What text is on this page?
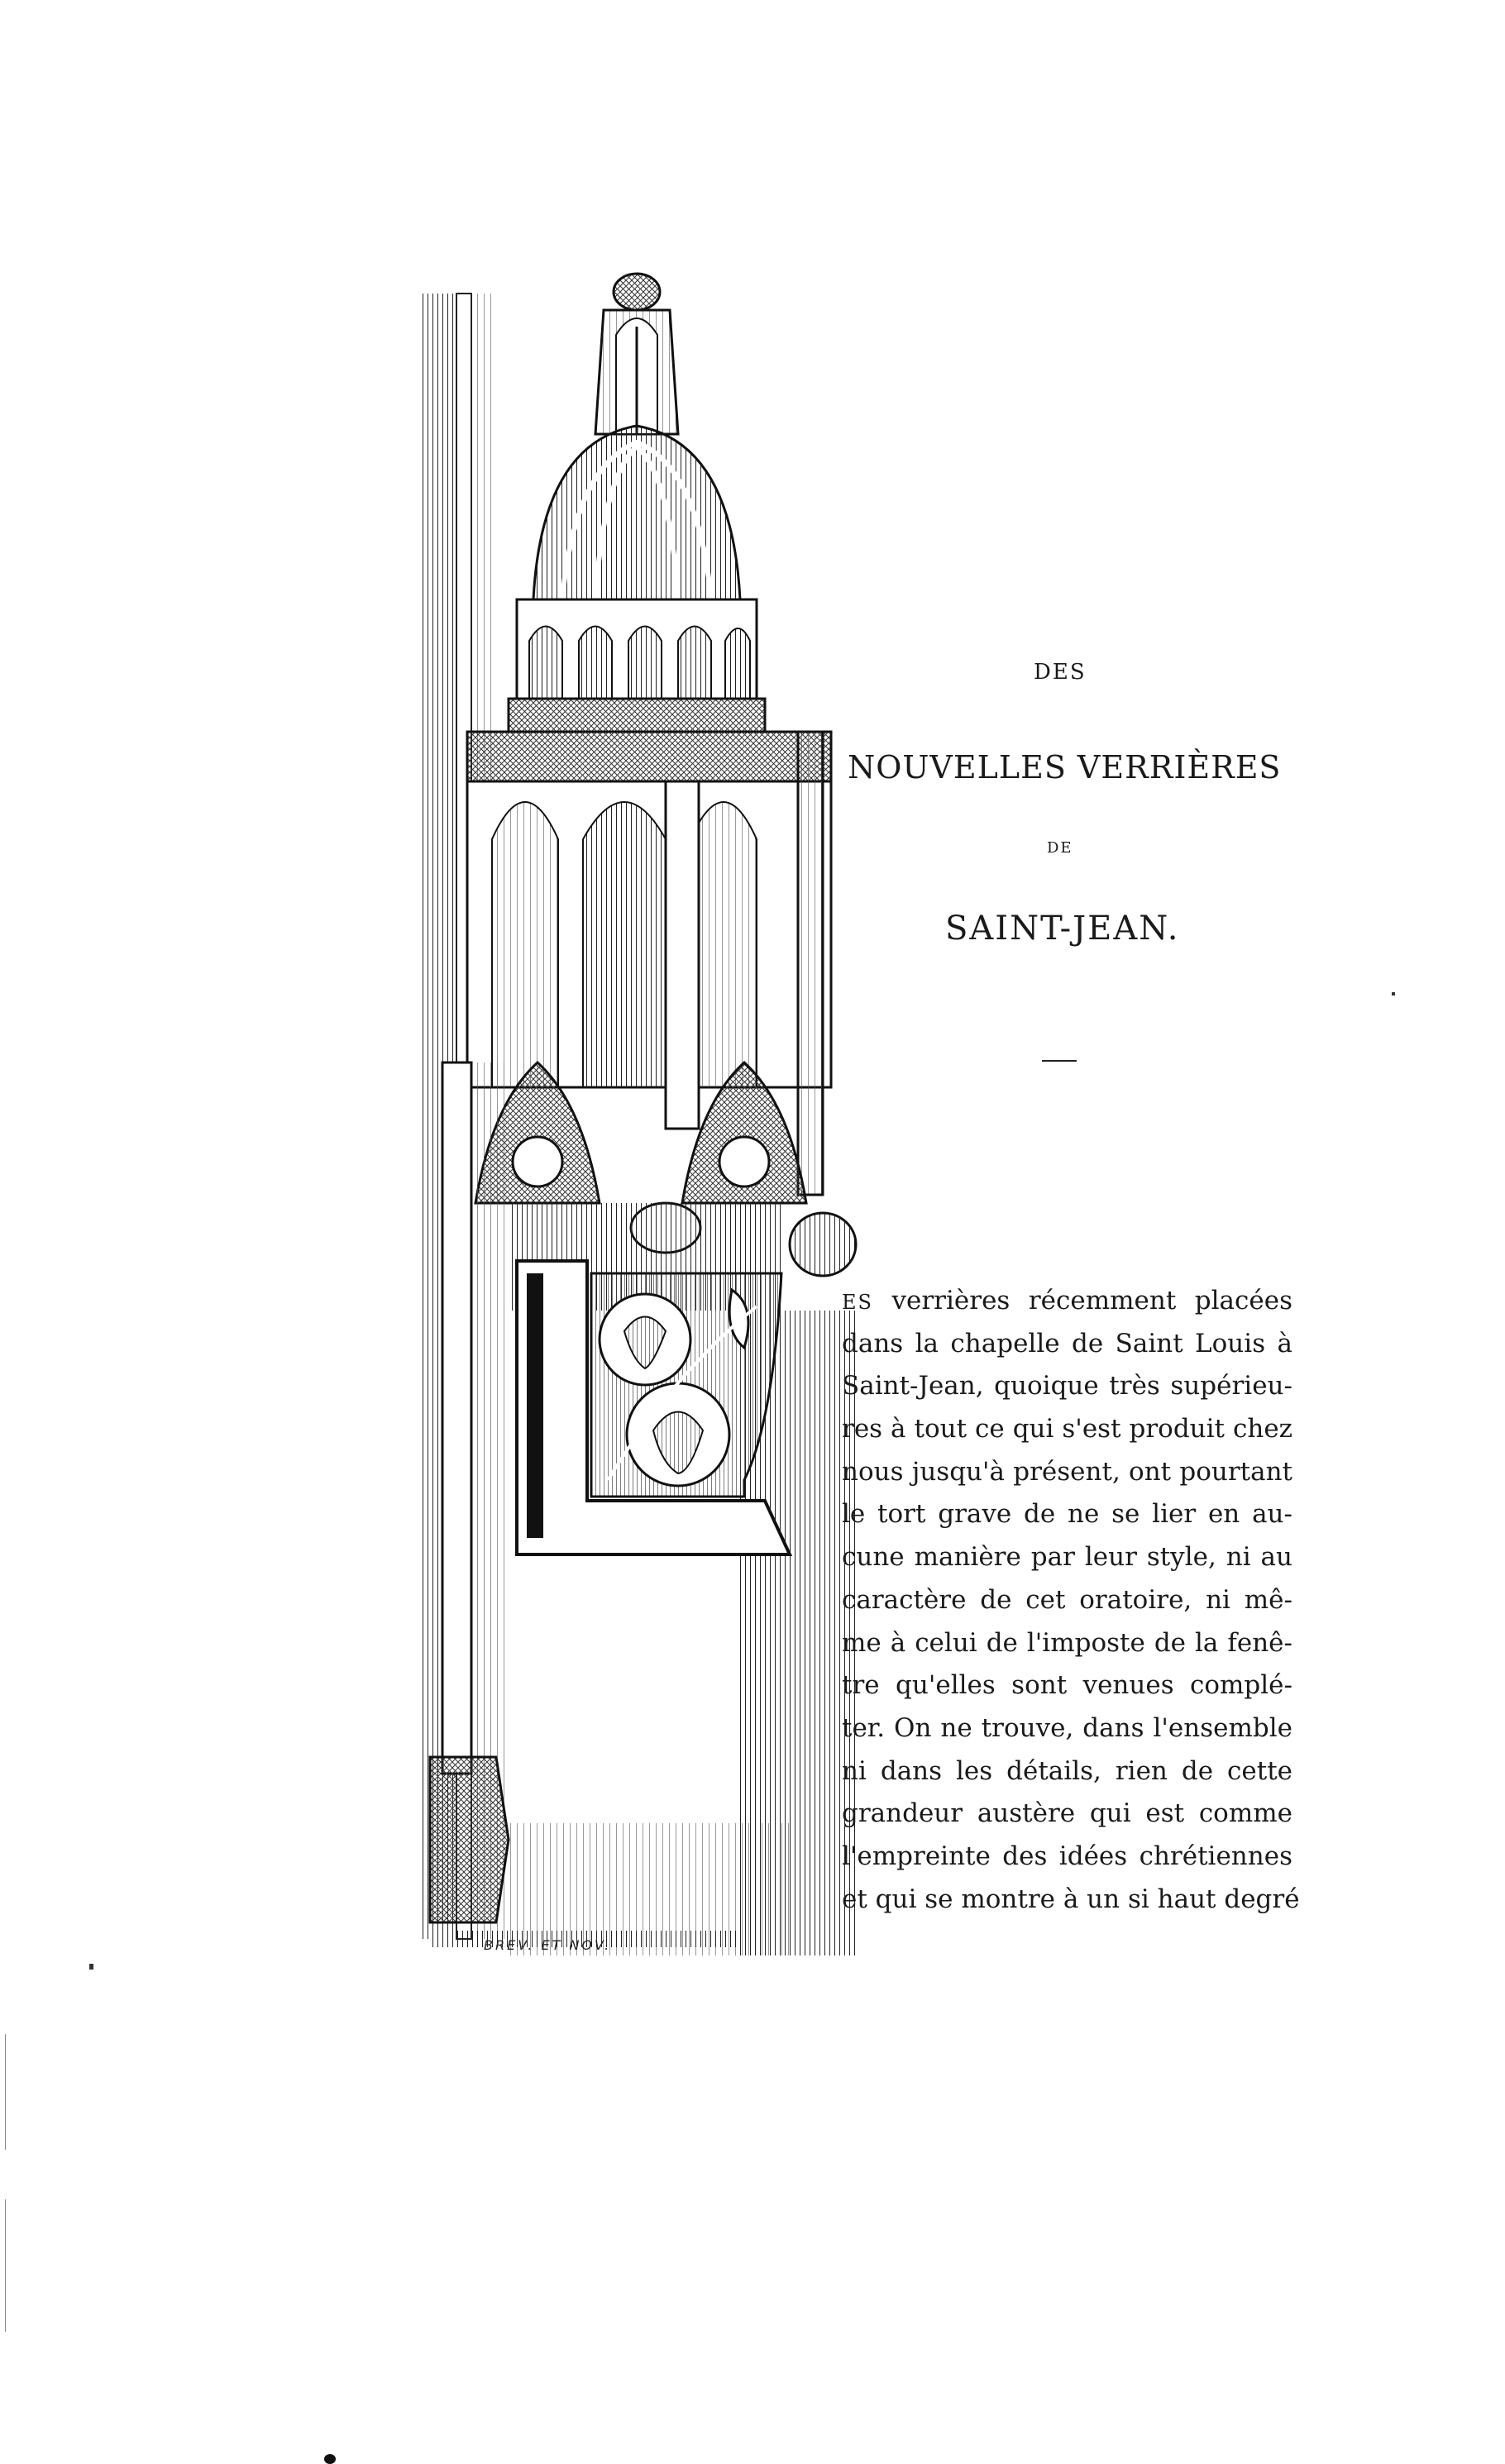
BREV. ET NOV.
DES
NOUVELLES VERRIÈRES
DE
SAINT-JEAN.
L
ES verrières récemment placées
dans la chapelle de Saint Louis à
Saint-Jean, quoique très supérieu-
res à tout ce qui s'est produit chez
nous jusqu'à présent, ont pourtant
le tort grave de ne se lier en au-
cune manière par leur style, ni au
caractère de cet oratoire, ni mê-
me à celui de l'imposte de la fenê-
tre qu'elles sont venues complé-
ter. On ne trouve, dans l'ensemble
ni dans les détails, rien de cette
grandeur austère qui est comme
l'empreinte des idées chrétiennes
et qui se montre à un si haut degré
